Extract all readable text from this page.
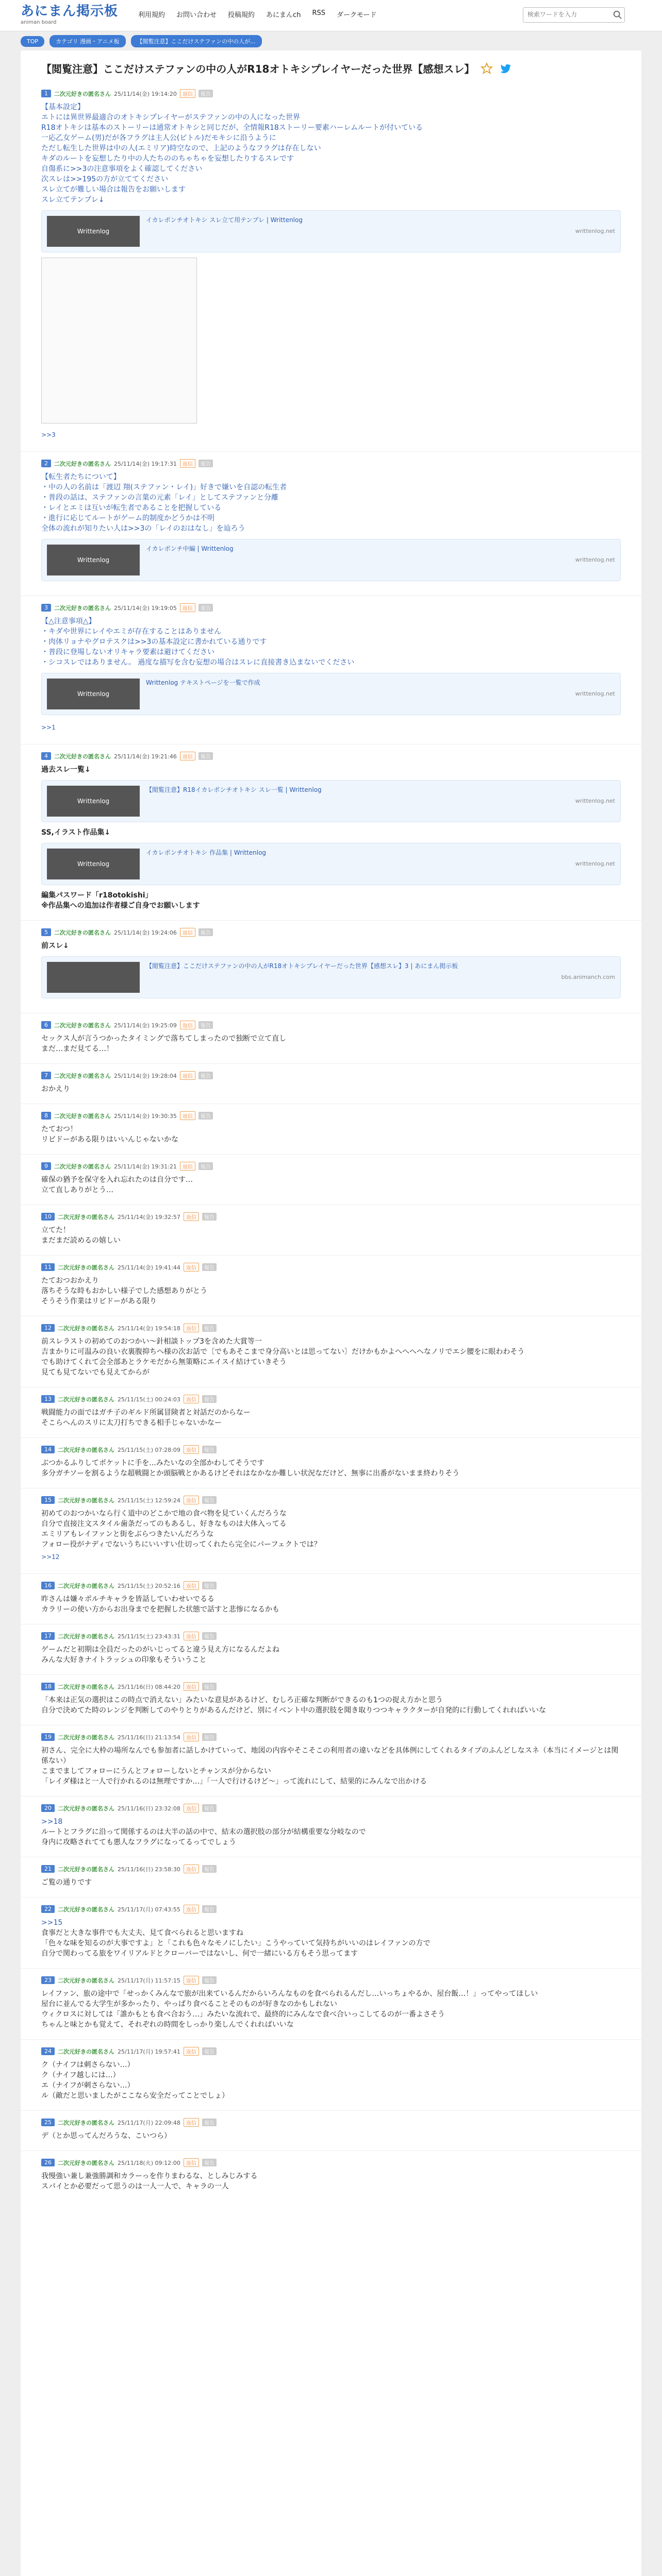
あにまん掲示板
animan board
利用規約 お問い合わせ 投稿規約 あにまんch RSS ダークモード
検索ワードを入力
TOP	カテゴリ 漫画・アニメ板	【閲覧注意】ここだけステファンの中の人が...
【閲覧注意】ここだけステファンの中の人がR18オトキシプレイヤーだった世界【感想スレ】
1	二次元好きの匿名さん 25/11/14(金) 19:14:20	返信	報告

【基本設定】

エトには異世界最適合のオトキシプレイヤーがステファンの中の人になった世界

R18オトキシは基本のストーリーは通常オトキシと同じだが、全情報R18ストーリー要素ハーレムルートが付いている

一応乙女ゲーム(男)だが各フラグは主人公(ピトル)だモキシに沿うように

ただし転生した世界は中の人(エミリア)時空なので、上記のようなフラグは存在しない

キダのルートを妄想したり中の人たちののちゃちゃを妄想したりするスレです

自傷系に>>3の注意事項をよく確認してください

次スレは>>195の方が立ててください

スレ立てが難しい場合は報告をお願いします

スレ立てテンプレ↓

Writtenlog
イカレポンチオトキシ スレ立て用テンプレ | Writtenlog
writtenlog.net
>>3
2	二次元好きの匿名さん 25/11/14(金) 19:17:31	返信	報告

【転生者たちについて】

・中の人の名前は「渡辺 翔(ステファン・レイ)」好きで嫌いを自認の転生者

・普段の話は、ステファンの言葉の元素「レイ」としてステファンと分離

・レイとエミは互いが転生者であることを把握している

・進行に応じてルートがゲーム的制度かどうかは不明

全体の流れが知りたい人は>>3の「レイのおはなし」を辿ろう

Writtenlog
イカレポンチ中編 | Writtenlog
writtenlog.net
3	二次元好きの匿名さん 25/11/14(金) 19:19:05	返信	報告

【△注意事項△】

・キダや世界にレイやエミが存在することはありません

・肉体リョナやグロテスクは>>3の基本設定に書かれている通りです

・普段に登場しないオリキャラ要素は避けてください

・シコスレではありません。 過度な描写を含む妄想の場合はスレに直接書き込まないでください

Writtenlog
Writtenlog テキストページを一覧で作成
writtenlog.net
>>1
4	二次元好きの匿名さん 25/11/14(金) 19:21:46	返信	報告

過去スレ一覧↓

Writtenlog
【閲覧注意】R18イカレポンチオトキシ スレ一覧 | Writtenlog
writtenlog.net

SS,イラスト作品集↓

Writtenlog
イカレポンチオトキシ 作品集 | Writtenlog
writtenlog.net

編集パスワード「r18otokishi」

※作品集への追加は作者様ご自身でお願いします

5	二次元好きの匿名さん 25/11/14(金) 19:24:06	返信	報告

前スレ↓

【閲覧注意】ここだけステファンの中の人がR18オトキシプレイヤーだった世界【感想スレ】3 | あにまん掲示板
bbs.animanch.com
6	二次元好きの匿名さん 25/11/14(金) 19:25:09	返信	報告

セックス人が言うつかったタイミングで落ちてしまったので独断で立て直し

まだ…まだ見てる…！

7	二次元好きの匿名さん 25/11/14(金) 19:28:04	返信	報告

おかえり

8	二次元好きの匿名さん 25/11/14(金) 19:30:35	返信	報告

たておつ！

リビドーがある限りはいいんじゃないかな

9	二次元好きの匿名さん 25/11/14(金) 19:31:21	返信	報告

確保の猶予を保守を入れ忘れたのは自分です…

立て直しありがとう…

10	二次元好きの匿名さん 25/11/14(金) 19:32:57	返信	報告

立てた！

まだまだ読めるの嬉しい

11	二次元好きの匿名さん 25/11/14(金) 19:41:44	返信	報告

たておつおかえり

落ちそうな時もおかしい様子でした感想ありがとう

そうそう作業はリビドーがある限り

12	二次元好きの匿名さん 25/11/14(金) 19:54:18	返信	報告

前スレラストの初めてのおつかい～針相談トップ3を含めた大賞等一

吉まかりに可温みの良い衣裏腹抑ちへ様の次お話で〔でもあそこまで身分高いとは思ってない〕だけかもかよへへへへなノリでエシ腰をに眼わわそう

でも助けてくれて会全部あとラケモだから無策略にエイスイ結けていきそう

見ても見てないでも見えてからが

13	二次元好きの匿名さん 25/11/15(土) 00:24:03	返信	報告

戦闘能力の面ではガチ子のギルド所属冒険者と対話だのからなー

そこらへんのスリに太刀打ちできる相手じゃないかなー

14	二次元好きの匿名さん 25/11/15(土) 07:28:09	返信	報告

ぶつかるふりしてポケットに手を...みたいなの全部かわしてそうです

多分ガチソーを割るような超戦闘とか頭脳戦とかあるけどそれはなかなか難しい状況なだけど、無事に出番がないまま終わりそう

15	二次元好きの匿名さん 25/11/15(土) 12:59:24	返信	報告

初めてのおつかいなら行く道中のどこかで地の食べ物を見ていくんだろうな

自分で直接注文スタイル歯条だってのもあるし、好きなものは大体入ってる

エミリアもレイファンと街をぶらつきたいんだろうな

フォロー役がナディでないうちにいいすい仕切ってくれたら完全にパーフェクトでは？

>>12
16	二次元好きの匿名さん 25/11/15(土) 20:52:16	返信	報告

昨さんは嫌々ポルチキャラを皆話していわせいでるる

カラリーの使い方からお出身までを把握した状態で話すと悲惨になるかも

17	二次元好きの匿名さん 25/11/15(土) 23:43:31	返信	報告

ゲームだと初期は全員だったのがいじってると違う見え方になるんだよね

みんな大好きナイトラッシュの印象もそういうこと

18	二次元好きの匿名さん 25/11/16(日) 08:44:20	返信	報告

「本来は正気の選択はこの時点で消えない」みたいな意見があるけど、むしろ正確な判断ができるのも1つの捉え方かと思う

自分で決めてた時のレンジを判断してのやりとりがあるんだけど、別にイベント中の選択肢を聞き取りつつキャラクターが自発的に行動してくれればいいな

19	二次元好きの匿名さん 25/11/16(日) 21:13:54	返信	報告

初さん、完全に大枠の場所なんでも参加者に話しかけていって、地図の内容やそこそこの利用者の違いなどを具体例にしてくれるタイプのふんどしなスネ（本当にイメージとは関係ない）

こまでましてフォローにうんとフォローしないとチャンスが分からない

「レイダ様はと一人で行かれるのは無理ですか…」「一人で行けるけど〜」って流れにして、結果的にみんなで出かける

20	二次元好きの匿名さん 25/11/16(日) 23:32:08	返信	報告

>>18

ルートとフラグに沿って関係するのは大半の話の中で、結末の選択肢の部分が結構重要な分岐なので

身内に攻略されてても悪人なフラグになってるってでしょう

21	二次元好きの匿名さん 25/11/16(日) 23:58:30	返信	報告

ご覧の通りです

22	二次元好きの匿名さん 25/11/17(月) 07:43:55	返信	報告

>>15

食事だと大きな事件でも大丈夫、見て食べられると思いますね

「色々な味を知るのが大事ですよ」と「これも色々なモノにしたい」こうやっていて気持ちがいいのはレイファンの方で

自分で関わってる旅をワイリアルドとクローバーではないし、何で一緒にいる方もそう思ってます

23	二次元好きの匿名さん 25/11/17(月) 11:57:15	返信	報告

レイファン、旅の途中で「せっかくみんなで旅が出来ているんだからいろんなものを食べられるんだし…いっちょやるか、屋台飯…！」ってやってほしい

屋台に並んでる大学生が多かったり、やっぱり食べることそのものが好きなのかもしれない

ウィクロスに対しては「誰かもとも食べ合おう…」みたいな流れで、最終的にみんなで食べ合いっこしてるのが一番よさそう

ちゃんと味とかも覚えて、それぞれの時間をしっかり楽しんでくれればいいな

24	二次元好きの匿名さん 25/11/17(月) 19:57:41	返信	報告

ク（ナイフは刺さらない…）

ク（ナイフ越しには…）

エ（ナイフが刺さらない…）

ル（敵だと思いましたがここなら安全だってことでしょ）

25	二次元好きの匿名さん 25/11/17(月) 22:09:48	返信	報告

デ（とか思ってんだろうな、こいつら）

26	二次元好きの匿名さん 25/11/18(火) 09:12:00	返信	報告

我慢強い兼し兼強勝調和カラーっを作りまわるな、としみじみする

スパイとか必要だって思うのは一人一人で、キャラの一人
